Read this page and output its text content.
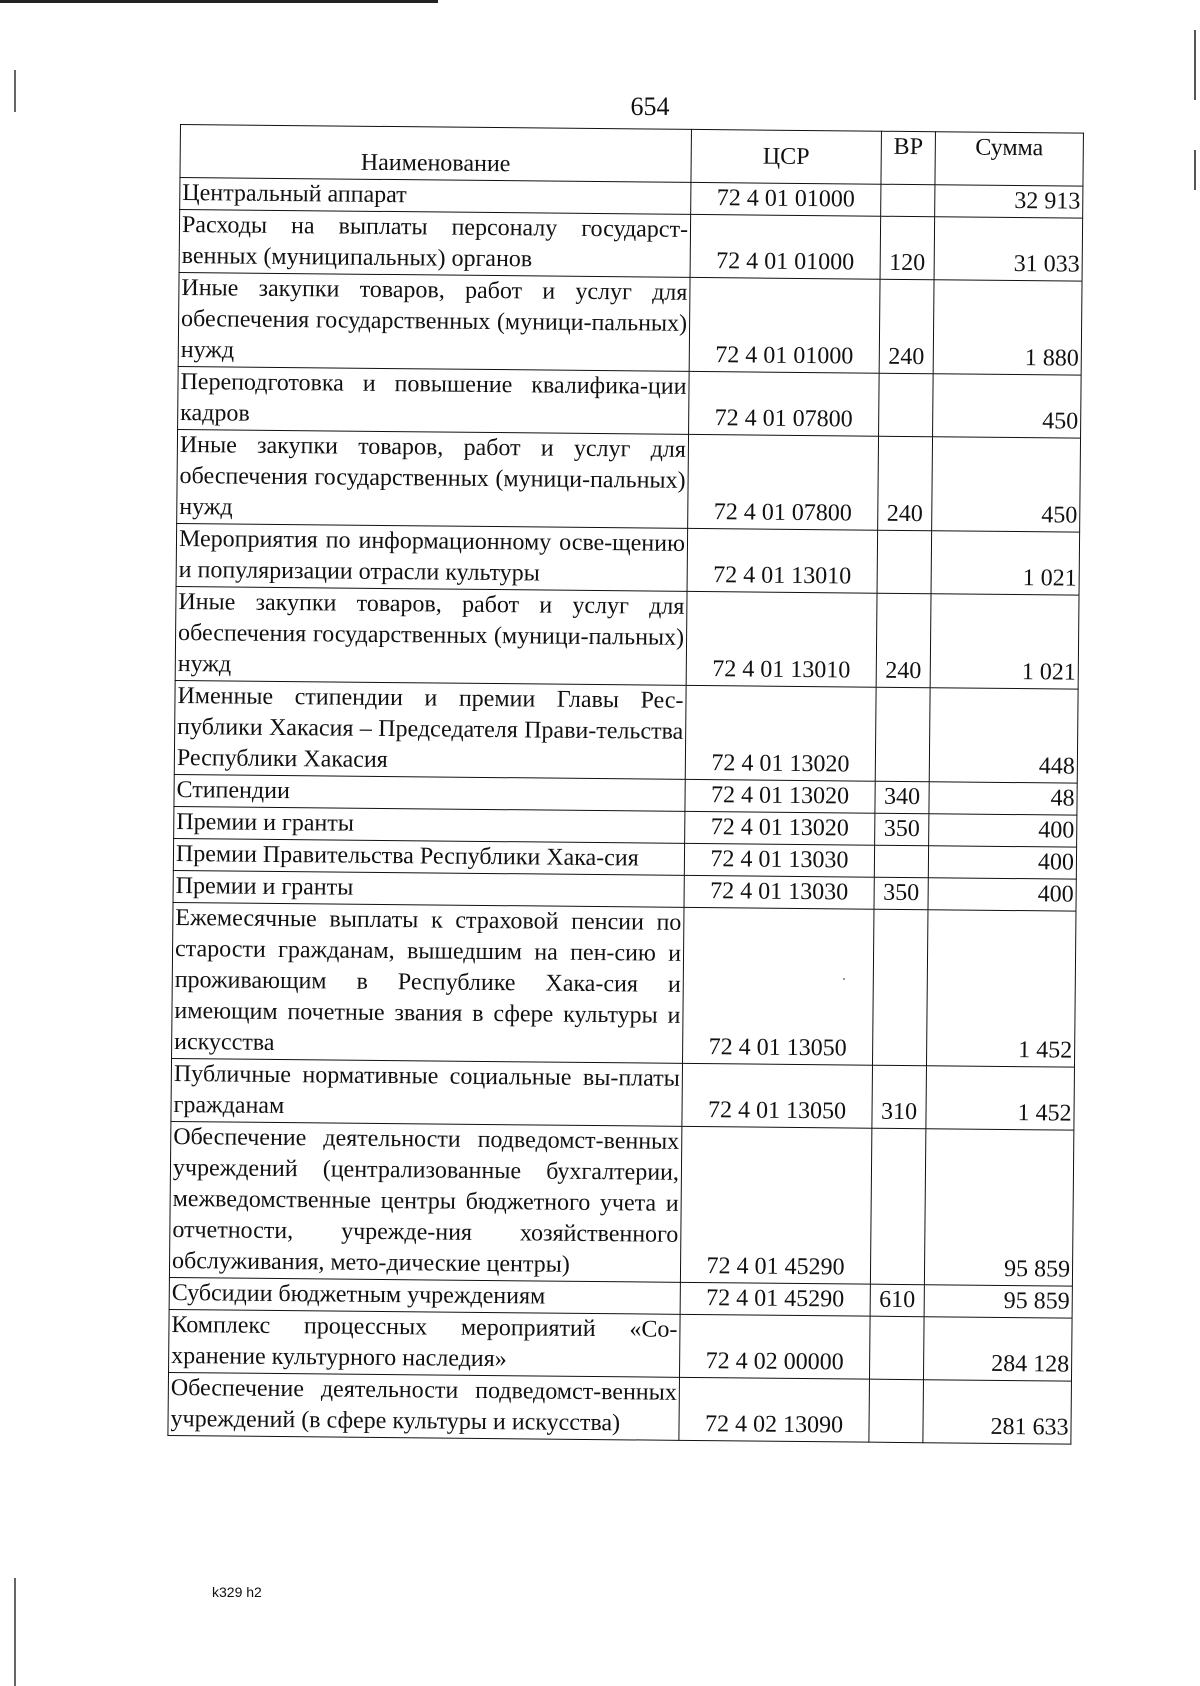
654
Наименование	ЦСР	ВР	Сумма
Центральный аппарат	72 4 01 01000		32 913
Расходы на выплаты персоналу государст-венных (муниципальных) органов	72 4 01 01000	120	31 033
Иные закупки товаров, работ и услуг для обеспечения государственных (муници-пальных) нужд	72 4 01 01000	240	1 880
Переподготовка и повышение квалифика-ции кадров	72 4 01 07800		450
Иные закупки товаров, работ и услуг для обеспечения государственных (муници-пальных) нужд	72 4 01 07800	240	450
Мероприятия по информационному осве-щению и популяризации отрасли культуры	72 4 01 13010		1 021
Иные закупки товаров, работ и услуг для обеспечения государственных (муници-пальных) нужд	72 4 01 13010	240	1 021
Именные стипендии и премии Главы Рес-публики Хакасия – Председателя Прави-тельства Республики Хакасия	72 4 01 13020		448
Стипендии	72 4 01 13020	340	48
Премии и гранты	72 4 01 13020	350	400
Премии Правительства Республики Хака-сия	72 4 01 13030		400
Премии и гранты	72 4 01 13030	350	400
Ежемесячные выплаты к страховой пенсии по старости гражданам, вышедшим на пен-сию и проживающим в Республике Хака-сия и имеющим почетные звания в сфере культуры и искусства	72 4 01 13050		1 452
Публичные нормативные социальные вы-платы гражданам	72 4 01 13050	310	1 452
Обеспечение деятельности подведомст-венных учреждений (централизованные бухгалтерии, межведомственные центры бюджетного учета и отчетности, учрежде-ния хозяйственного обслуживания, мето-дические центры)	72 4 01 45290		95 859
Субсидии бюджетным учреждениям	72 4 01 45290	610	95 859
Комплекс процессных мероприятий «Со-хранение культурного наследия»	72 4 02 00000		284 128
Обеспечение деятельности подведомст-венных учреждений (в сфере культуры и искусства)	72 4 02 13090		281 633
k329 h2
